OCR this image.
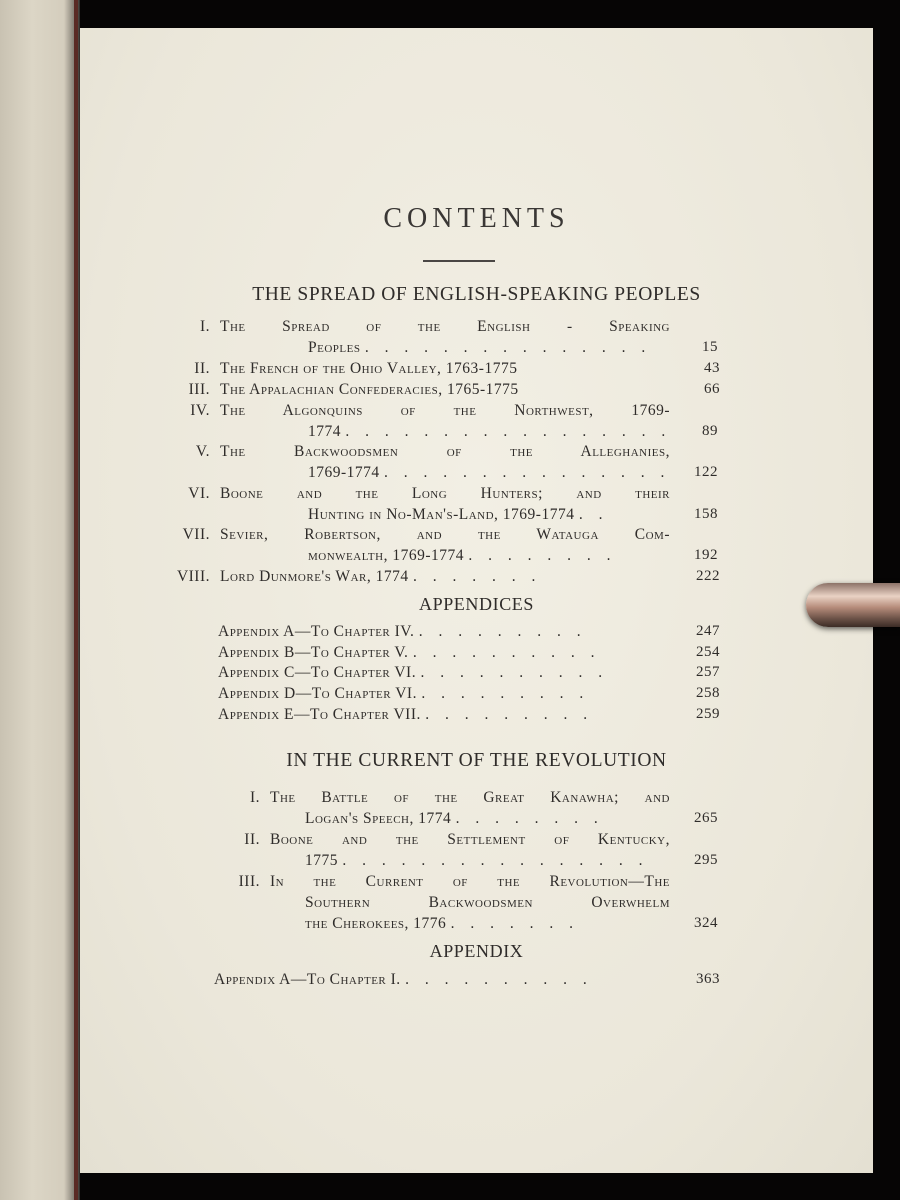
CONTENTS
THE SPREAD OF ENGLISH-SPEAKING PEOPLES
I. The Spread of the English - Speaking
Peoples . . . . . . . . . . . . . . .	15
II. The French of the Ohio Valley, 1763-1775	43
III. The Appalachian Confederacies, 1765-1775	66
IV. The Algonquins of the Northwest, 1769-
1774 . . . . . . . . . . . . . . . . .	89
V. The Backwoodsmen of the Alleghanies,
1769-1774 . . . . . . . . . . . . . . .	122
VI. Boone and the Long Hunters; and their
Hunting in No-Man's-Land, 1769-1774 . .	158
VII. Sevier, Robertson, and the Watauga Com-
monwealth, 1769-1774 . . . . . . . .	192
VIII. Lord Dunmore's War, 1774 . . . . . . .	222
APPENDICES
Appendix A—To Chapter IV. . . . . . . . . .	247
Appendix B—To Chapter V. . . . . . . . . . .	254
Appendix C—To Chapter VI. . . . . . . . . . .	257
Appendix D—To Chapter VI. . . . . . . . . .	258
Appendix E—To Chapter VII. . . . . . . . . .	259
IN THE CURRENT OF THE REVOLUTION
I. The Battle of the Great Kanawha; and
Logan's Speech, 1774 . . . . . . . .	265
II. Boone and the Settlement of Kentucky,
1775 . . . . . . . . . . . . . . . .	295
III. In the Current of the Revolution—The
Southern Backwoodsmen Overwhelm
the Cherokees, 1776 . . . . . . .	324
APPENDIX
Appendix A—To Chapter I. . . . . . . . . . .	363
